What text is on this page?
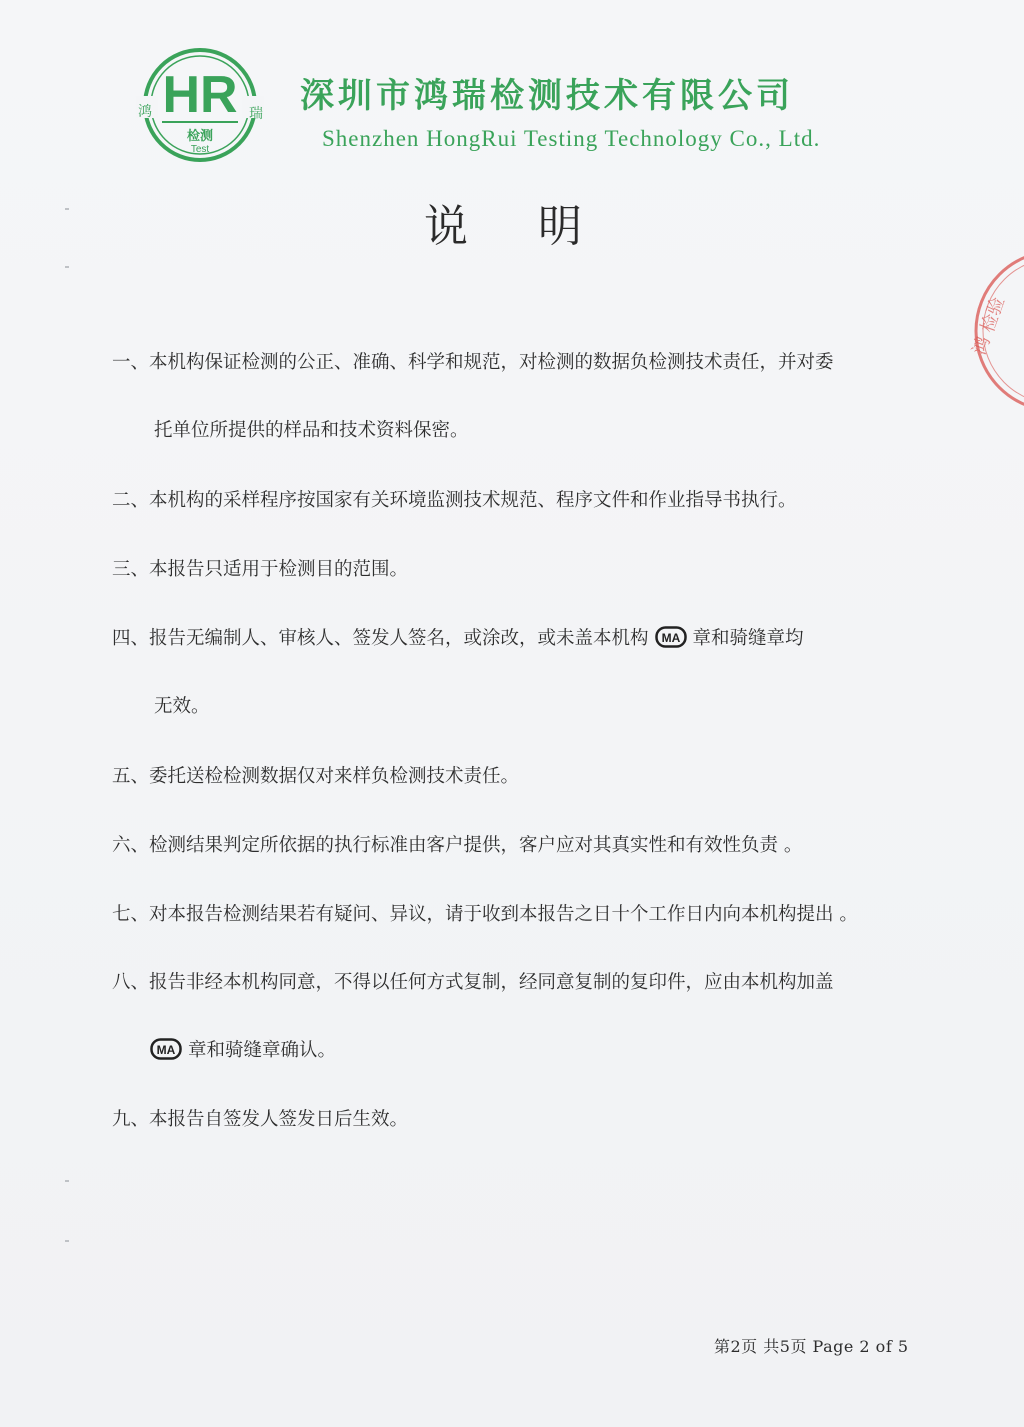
HR
鸿	瑞
检测
Test
深圳市鸿瑞检测技术有限公司
Shenzhen HongRui Testing Technology Co., Ltd.
说明
一、本机构保证检测的公正、准确、科学和规范，对检测的数据负检测技术责任，并对委
托单位所提供的样品和技术资料保密。
二、本机构的采样程序按国家有关环境监测技术规范、程序文件和作业指导书执行。
三、本报告只适用于检测目的范围。
四、报告无编制人、审核人、签发人签名，或涂改，或未盖本机构 MA 章和骑缝章均
无效。
五、委托送检检测数据仅对来样负检测技术责任。
六、检测结果判定所依据的执行标准由客户提供，客户应对其真实性和有效性负责 。
七、对本报告检测结果若有疑问、异议，请于收到本报告之日十个工作日内向本机构提出 。
八、报告非经本机构同意，不得以任何方式复制，经同意复制的复印件，应由本机构加盖
MA 章和骑缝章确认。
九、本报告自签发人签发日后生效。
鸿 检验
第2页 共5页 Page 2 of 5
